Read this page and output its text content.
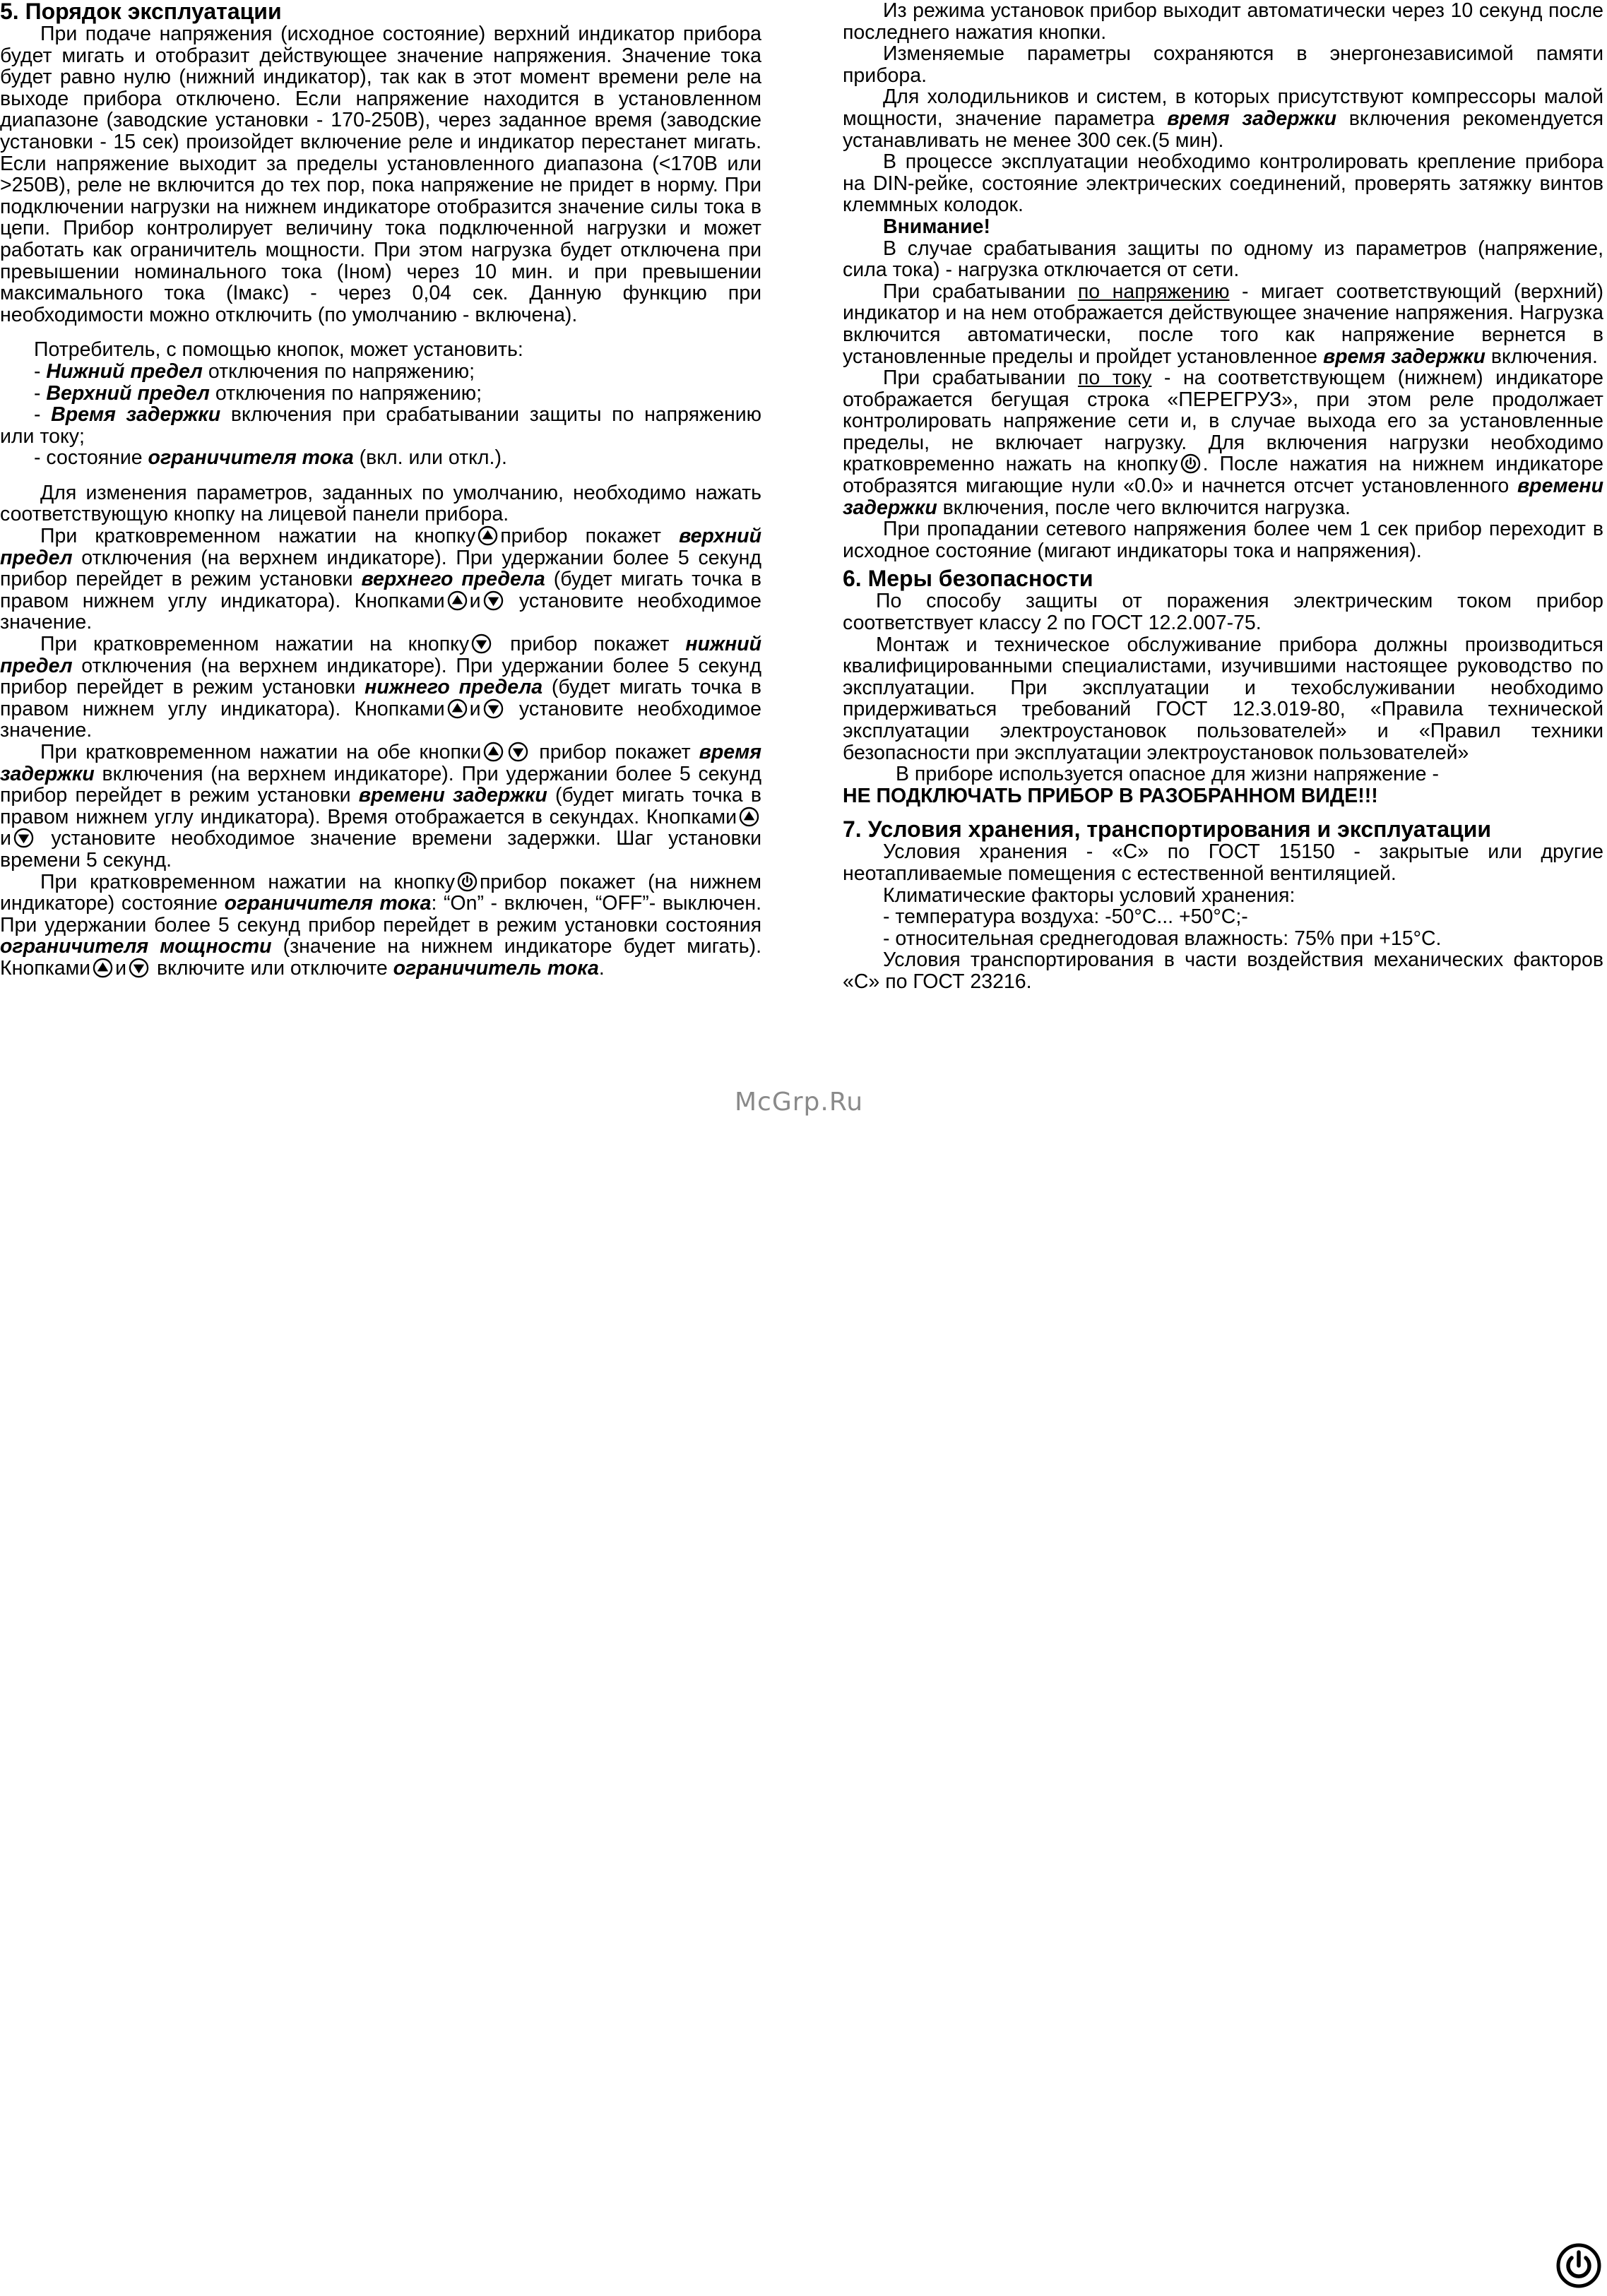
5. Порядок эксплуатации

При подаче напряжения (исходное состояние) верхний индикатор прибора будет мигать и отобразит действующее значение напряжения. Значение тока будет равно нулю (нижний индикатор), так как в этот момент времени реле на выходе прибора отключено. Если напряжение находится в установленном диапазоне (заводские установки - 170-250В), через заданное время (заводские установки - 15 сек) произойдет включение реле и индикатор перестанет мигать. Если напряжение выходит за пределы установленного диапазона (<170В или >250В), реле не включится до тех пор, пока напряжение не придет в норму. При подключении нагрузки на нижнем индикаторе отобразится значение силы тока в цепи. Прибор контролирует величину тока подключенной нагрузки и может работать как ограничитель мощности. При этом нагрузка будет отключена при превышении номинального тока (Iном) через 10 мин. и при превышении максимального тока (Iмакс) - через 0,04 сек. Данную функцию при необходимости можно отключить (по умолчанию - включена).

Потребитель, с помощью кнопок, может установить:

- Нижний предел отключения по напряжению;

- Верхний предел отключения по напряжению;

- Время задержки включения при срабатывании защиты по напряжению или току;

- состояние ограничителя тока (вкл. или откл.).

Для изменения параметров, заданных по умолчанию, необходимо нажать соответствующую кнопку на лицевой панели прибора.

При кратковременном нажатии на кнопку прибор покажет верхний предел отключения (на верхнем индикаторе). При удержании более 5 секунд прибор перейдет в режим установки верхнего предела (будет мигать точка в правом нижнем углу индикатора). Кнопками и установите необходимое значение.

При кратковременном нажатии на кнопку
прибор покажет нижний предел отключения (на верхнем индикаторе). При удержании более 5 секунд прибор перейдет в режим установки нижнего предела (будет мигать точка в правом нижнем углу индикатора). Кнопками и установите необходимое значение.

При кратковременном нажатии на обе кнопки
прибор покажет время задержки включения (на верхнем индикаторе). При удержании более 5 секунд прибор перейдет в режим установки времени задержки (будет мигать точка в правом нижнем углу индикатора). Время отображается в секундах. Кнопками
и установите необходимое значение времени задержки. Шаг установки времени 5 секунд.

При кратковременном нажатии на кнопку прибор покажет (на нижнем индикаторе) состояние ограничителя тока: “On” - включен, “OFF”- выключен. При удержании более 5 секунд прибор перейдет в режим установки состояния ограничителя мощности (значение на нижнем индикаторе будет мигать). Кнопками и включите или отключите ограничитель тока.

Из режима установок прибор выходит автоматически через 10 секунд после последнего нажатия кнопки.

Изменяемые параметры сохраняются в энергонезависимой памяти прибора.

Для холодильников и систем, в которых присутствуют компрессоры малой мощности, значение параметра время задержки включения рекомендуется устанавливать не менее 300 сек.(5 мин).

В процессе эксплуатации необходимо контролировать крепление прибора на DIN-рейке, состояние электрических соединений, проверять затяжку винтов клеммных колодок.

Внимание!

В случае срабатывания защиты по одному из параметров (напряжение, сила тока) - нагрузка отключается от сети.

При срабатывании по напряжению - мигает соответствующий (верхний) индикатор и на нем отображается действующее значение напряжения. Нагрузка включится автоматически, после того как напряжение вернется в установленные пределы и пройдет установленное время задержки включения.

При срабатывании по току - на соответствующем (нижнем) индикаторе отображается бегущая строка «ПЕРЕГРУЗ», при этом реле продолжает контролировать напряжение сети и, в случае выхода его за установленные пределы, не включает нагрузку. Для включения нагрузки необходимо кратковременно нажать на кнопку . После нажатия на нижнем индикаторе отобразятся мигающие нули «0.0» и начнется отсчет установленного времени задержки включения, после чего включится нагрузка.

При пропадании сетевого напряжения более чем 1 сек прибор переходит в исходное состояние (мигают индикаторы тока и напряжения).

6. Меры безопасности

По способу защиты от поражения электрическим током прибор соответствует классу 2 по ГОСТ 12.2.007-75.

Монтаж и техническое обслуживание прибора должны производиться квалифицированными специалистами, изучившими настоящее руководство по эксплуатации. При эксплуатации и техобслуживании необходимо придерживаться требований ГОСТ 12.3.019-80, «Правила технической эксплуатации электроустановок пользователей» и «Правил техники безопасности при эксплуатации электроустановок пользователей»

В приборе используется опасное для жизни напряжение -

НЕ ПОДКЛЮЧАТЬ ПРИБОР В РАЗОБРАННОМ ВИДЕ!!!

7. Условия хранения, транспортирования и эксплуатации

Условия хранения - «С» по ГОСТ 15150 - закрытые или другие неотапливаемые помещения с естественной вентиляцией.

Климатические факторы условий хранения:

- температура воздуха: -50°С... +50°С;-

- относительная среднегодовая влажность: 75% при +15°С.

Условия транспортирования в части воздействия механических факторов «С» по ГОСТ 23216.

McGrp.Ru
